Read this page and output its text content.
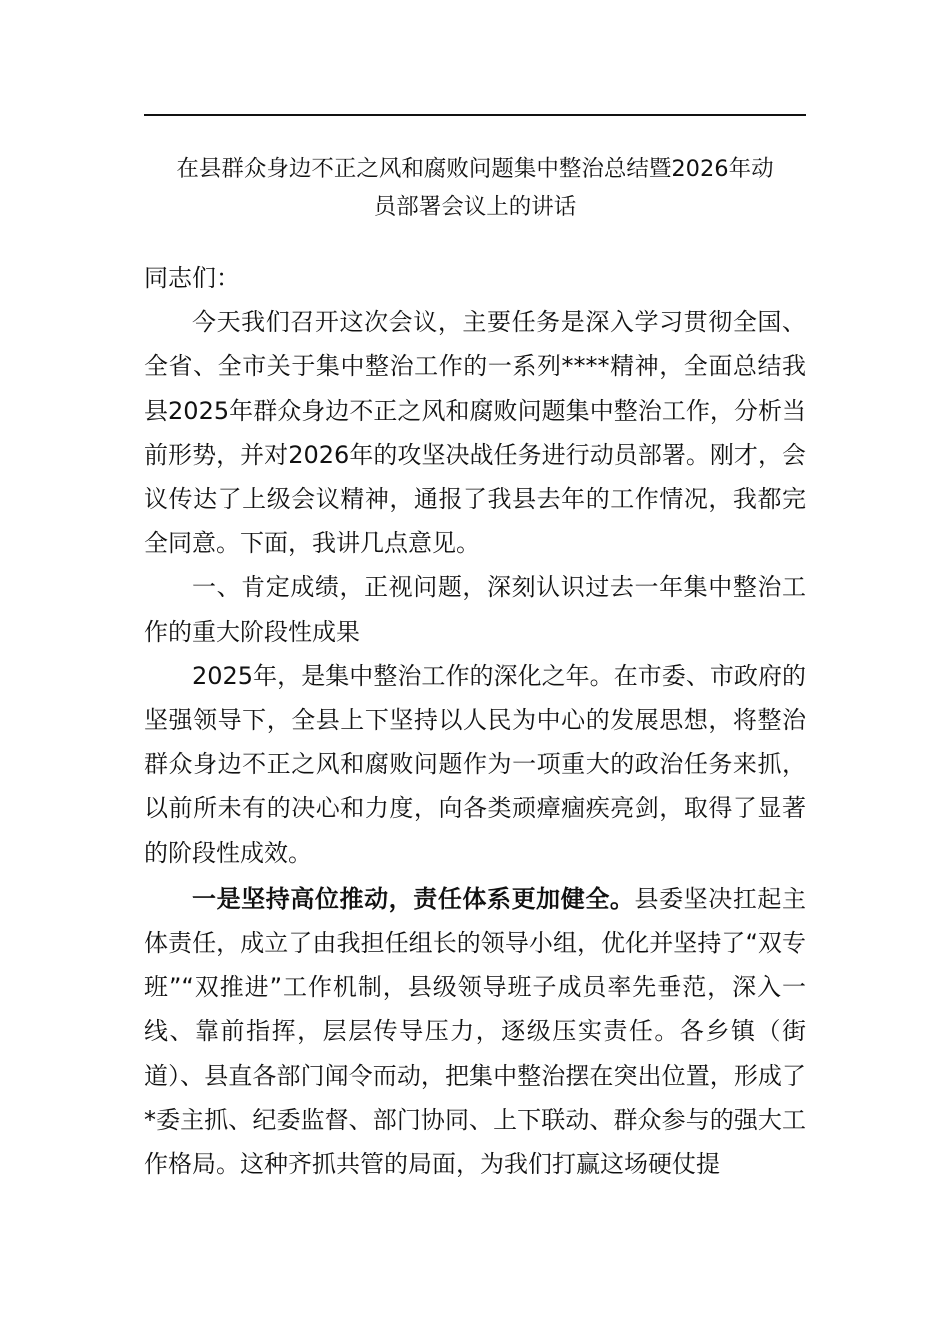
在县群众身边不正之风和腐败问题集中整治总结暨2026年动
员部署会议上的讲话

同志们：

今天我们召开这次会议，主要任务是深入学习贯彻全国、全省、全市关于集中整治工作的一系列****精神，全面总结我县2025年群众身边不正之风和腐败问题集中整治工作，分析当前形势，并对2026年的攻坚决战任务进行动员部署。刚才，会议传达了上级会议精神，通报了我县去年的工作情况，我都完全同意。下面，我讲几点意见。

一、肯定成绩，正视问题，深刻认识过去一年集中整治工作的重大阶段性成果

2025年，是集中整治工作的深化之年。在市委、市政府的坚强领导下，全县上下坚持以人民为中心的发展思想，将整治群众身边不正之风和腐败问题作为一项重大的政治任务来抓，以前所未有的决心和力度，向各类顽瘴痼疾亮剑，取得了显著的阶段性成效。

一是坚持高位推动，责任体系更加健全。县委坚决扛起主体责任，成立了由我担任组长的领导小组，优化并坚持了“双专班”“双推进”工作机制，县级领导班子成员率先垂范，深入一线、靠前指挥，层层传导压力，逐级压实责任。各乡镇（街道）、县直各部门闻令而动，把集中整治摆在突出位置，形成了*委主抓、纪委监督、部门协同、上下联动、群众参与的强大工作格局。这种齐抓共管的局面，为我们打赢这场硬仗提
